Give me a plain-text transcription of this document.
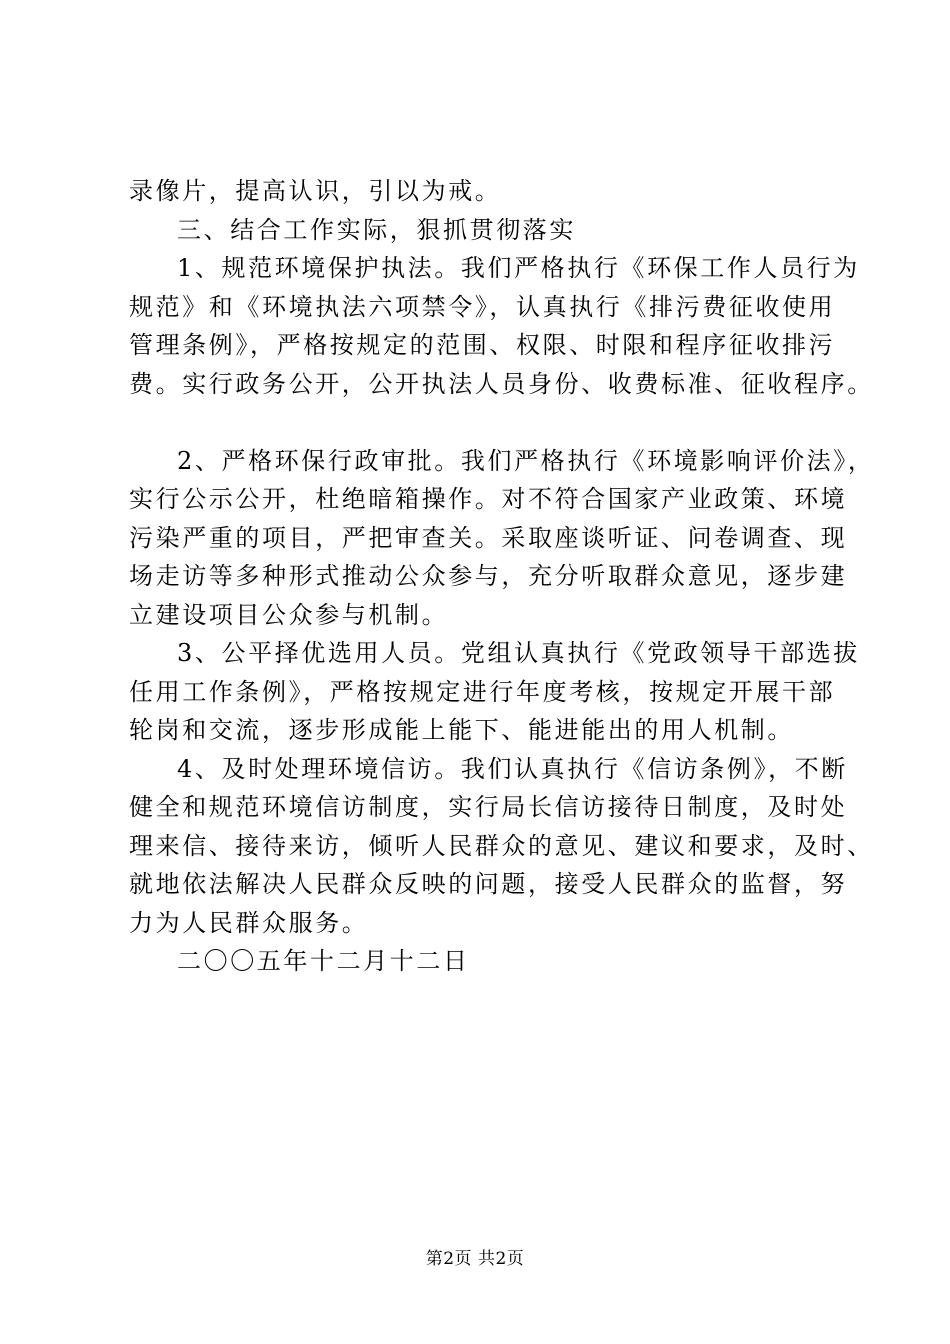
录像片，提高认识，引以为戒。
三、结合工作实际，狠抓贯彻落实
1、规范环境保护执法。我们严格执行《环保工作人员行为
规范》和《环境执法六项禁令》，认真执行《排污费征收使用
管理条例》，严格按规定的范围、权限、时限和程序征收排污
费。实行政务公开，公开执法人员身份、收费标准、征收程序。
2、严格环保行政审批。我们严格执行《环境影响评价法》，
实行公示公开，杜绝暗箱操作。对不符合国家产业政策、环境
污染严重的项目，严把审查关。采取座谈听证、问卷调查、现
场走访等多种形式推动公众参与，充分听取群众意见，逐步建
立建设项目公众参与机制。
3、公平择优选用人员。党组认真执行《党政领导干部选拔
任用工作条例》，严格按规定进行年度考核，按规定开展干部
轮岗和交流，逐步形成能上能下、能进能出的用人机制。
4、及时处理环境信访。我们认真执行《信访条例》，不断
健全和规范环境信访制度，实行局长信访接待日制度，及时处
理来信、接待来访，倾听人民群众的意见、建议和要求，及时、
就地依法解决人民群众反映的问题，接受人民群众的监督，努
力为人民群众服务。
二〇〇五年十二月十二日
第2页 共2页
